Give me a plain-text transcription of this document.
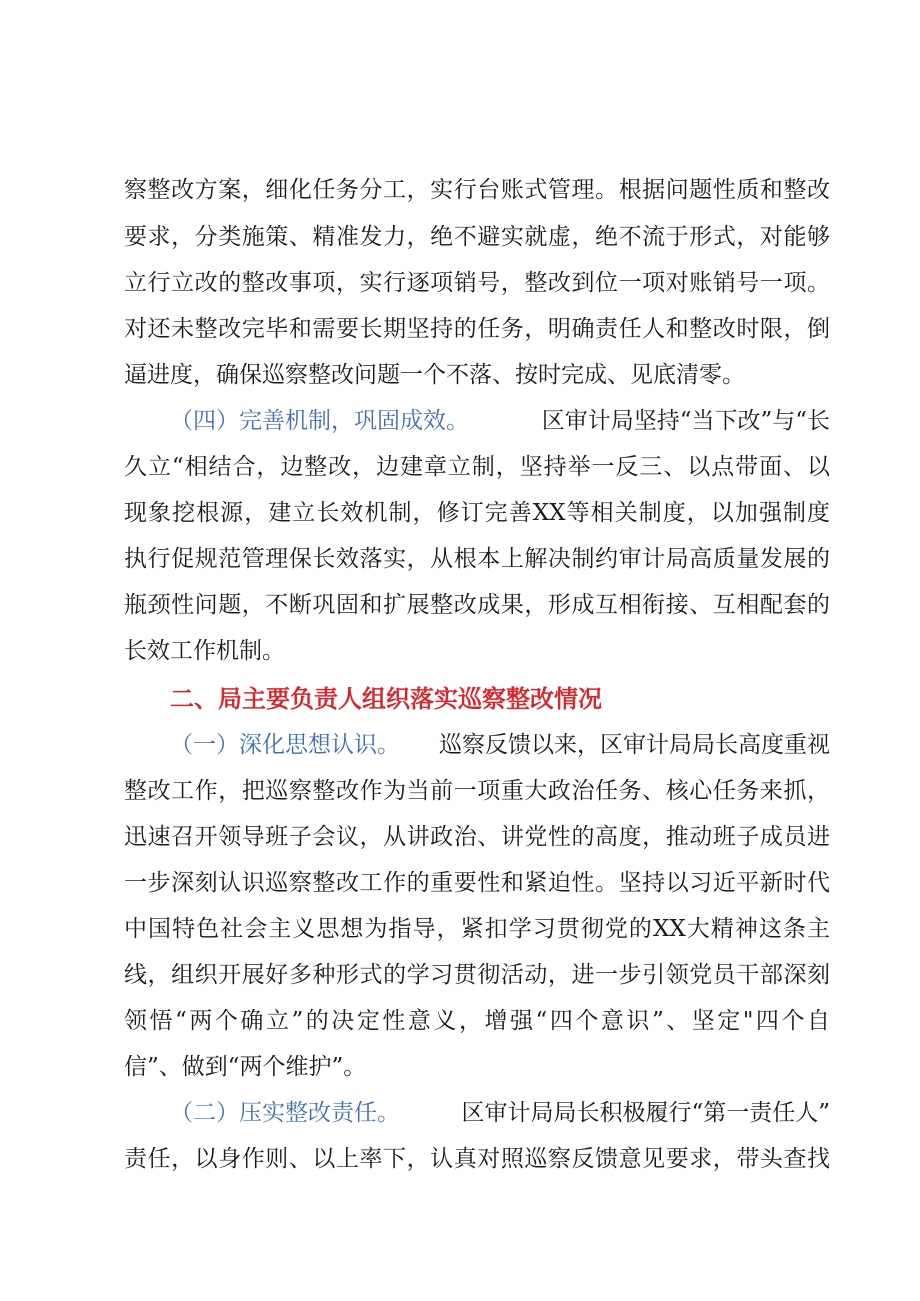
察整改方案，细化任务分工，实行台账式管理。根据问题性质和整改
要求，分类施策、精准发力，绝不避实就虚，绝不流于形式，对能够
立行立改的整改事项，实行逐项销号，整改到位一项对账销号一项。
对还未整改完毕和需要长期坚持的任务，明确责任人和整改时限，倒
逼进度，确保巡察整改问题一个不落、按时完成、见底清零。
（四）完善机制，巩固成效。	区审计局坚持“当下改”与“长
久立“相结合，边整改，边建章立制，坚持举一反三、以点带面、以
现象挖根源，建立长效机制，修订完善XX等相关制度，以加强制度
执行促规范管理保长效落实，从根本上解决制约审计局高质量发展的
瓶颈性问题，不断巩固和扩展整改成果，形成互相衔接、互相配套的
长效工作机制。
二、局主要负责人组织落实巡察整改情况
（一）深化思想认识。 巡察反馈以来，区审计局局长高度重视
整改工作，把巡察整改作为当前一项重大政治任务、核心任务来抓，
迅速召开领导班子会议，从讲政治、讲党性的高度，推动班子成员进
一步深刻认识巡察整改工作的重要性和紧迫性。坚持以习近平新时代
中国特色社会主义思想为指导，紧扣学习贯彻党的XX大精神这条主
线，组织开展好多种形式的学习贯彻活动，进一步引领党员干部深刻
领悟“两个确立”的决定性意义，增强“四个意识”、坚定"四个自
信”、做到“两个维护”。
（二）压实整改责任。	区审计局局长积极履行“第一责任人”
责任，以身作则、以上率下，认真对照巡察反馈意见要求，带头查找
